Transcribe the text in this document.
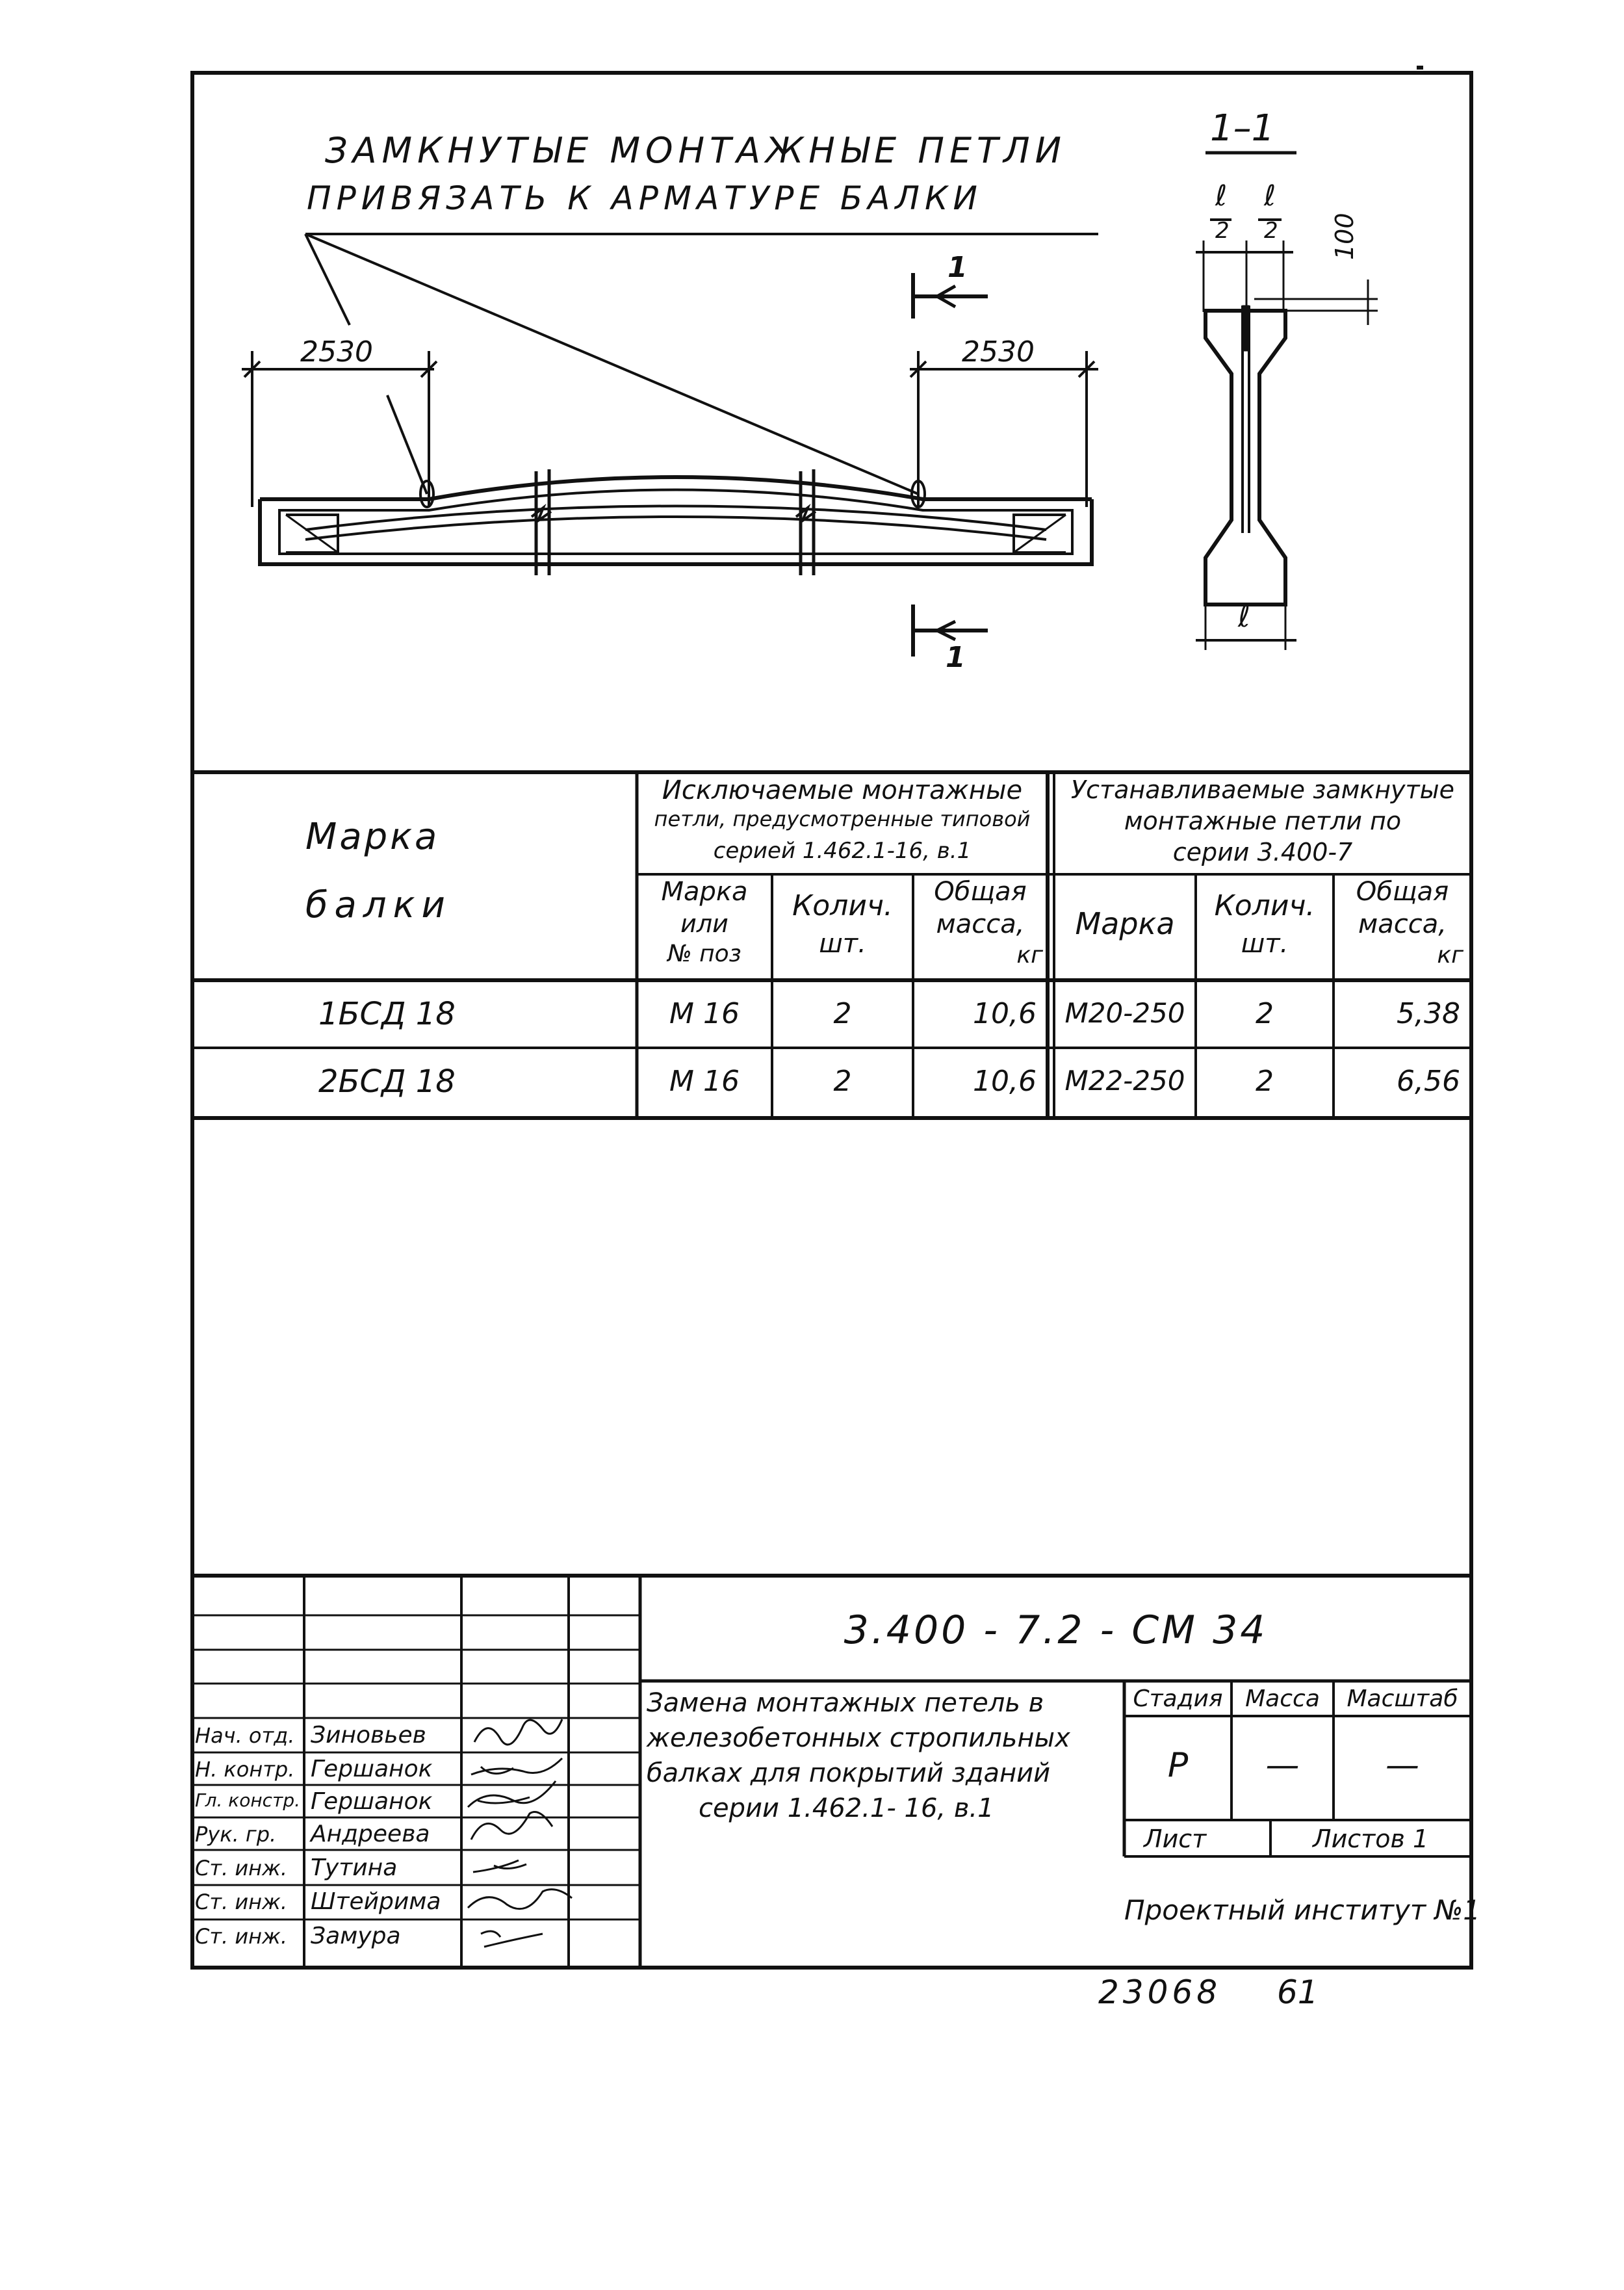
ЗАМКНУТЫЕ МОНТАЖНЫЕ ПЕТЛИ
ПРИВЯЗАТЬ К АРМАТУРЕ БАЛКИ
2530	2530
1
1
1–1
ℓ
2
ℓ
2 100
ℓ
Марка
балки
Исключаемые монтажные
петли, предусмотренные типовой
серией 1.462.1-16, в.1
Устанавливаемые замкнутые
монтажные петли по
серии 3.400-7
Марка
или
№ поз
Колич.
шт.
Общая
масса,
кг
Марка
Колич.
шт.
Общая
масса,
кг
1БСД 18	М 16	2	10,6	М20-250	2	5,38
2БСД 18	М 16	2	10,6	М22-250	2	6,56
3.400 - 7.2 - СМ 34
Замена монтажных петель в
железобетонных стропильных
балках для покрытий зданий
серии 1.462.1- 16, в.1
Стадия Масса	Масштаб
Р	—	—
Лист	Листов 1
Проектный институт №1
Нач. отд. Зиновьев
Н. контр. Гершанок
Гл. констр. Гершанок
Рук. гр. Андреева
Ст. инж. Тутина
Ст. инж. Штейрима
Ст. инж. Замура
23068 61
